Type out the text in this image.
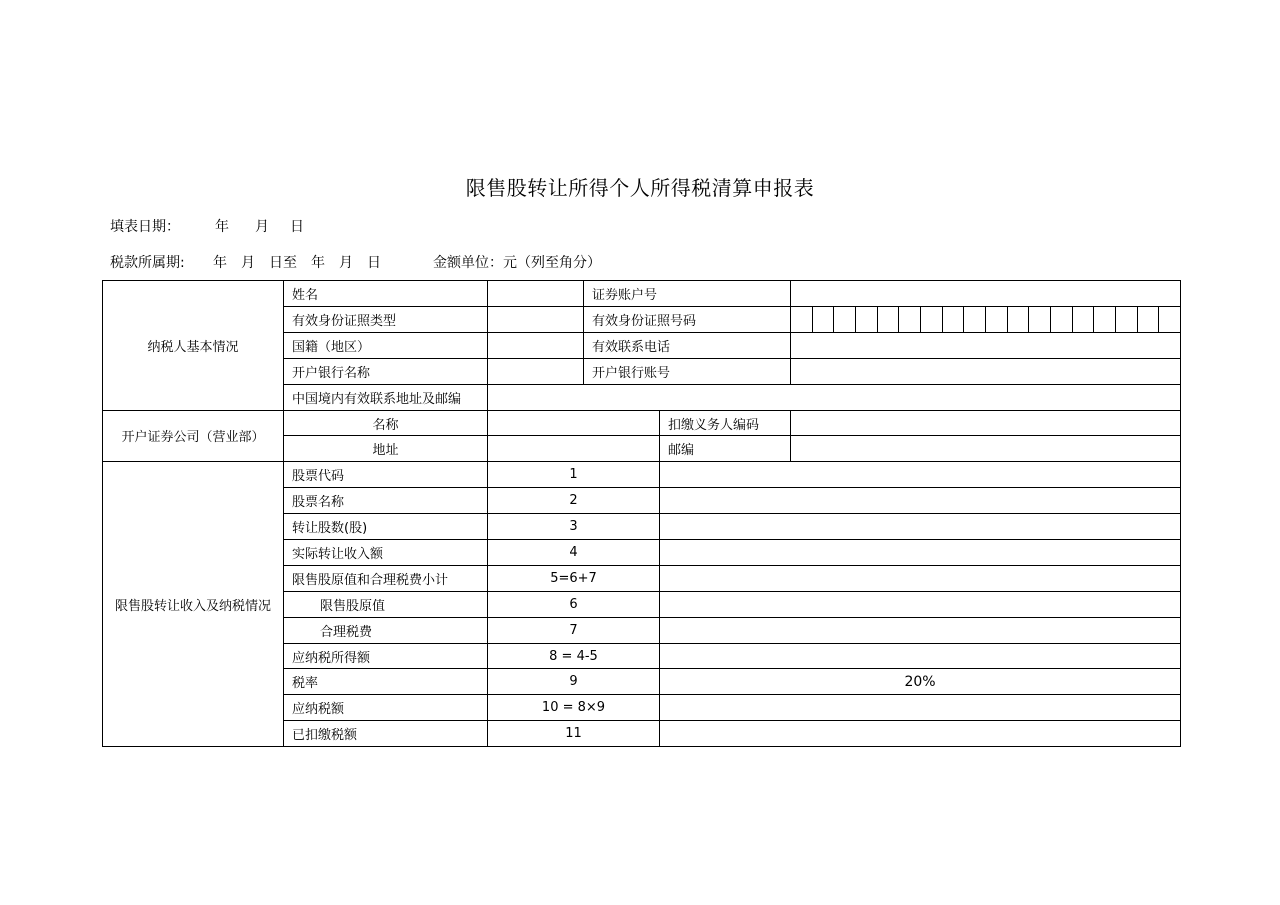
限售股转让所得个人所得税清算申报表
填表日期：	年 月 日
税款所属期: 年　月　日至　年　月　日	金额单位：元（列至角分）
纳税人基本情况	姓名		证券账户号		
	有效身份证照类型		有效身份证照号码		

	国籍（地区）		有效联系电话		
	开户银行名称		开户银行账号		
	中国境内有效联系地址及邮编				
开户证券公司（营业部）	名称			扣缴义务人编码	
	地址			邮编	
限售股转让收入及纳税情况	股票代码	1			
	股票名称	2			
	转让股数(股)	3			
	实际转让收入额	4			
	限售股原值和合理税费小计	5=6+7			
	限售股原值	6			
	合理税费	7			
	应纳税所得额	8 = 4-5			
	税率	9		20%	
	应纳税额	10 = 8×9			
	已扣缴税额	11			
